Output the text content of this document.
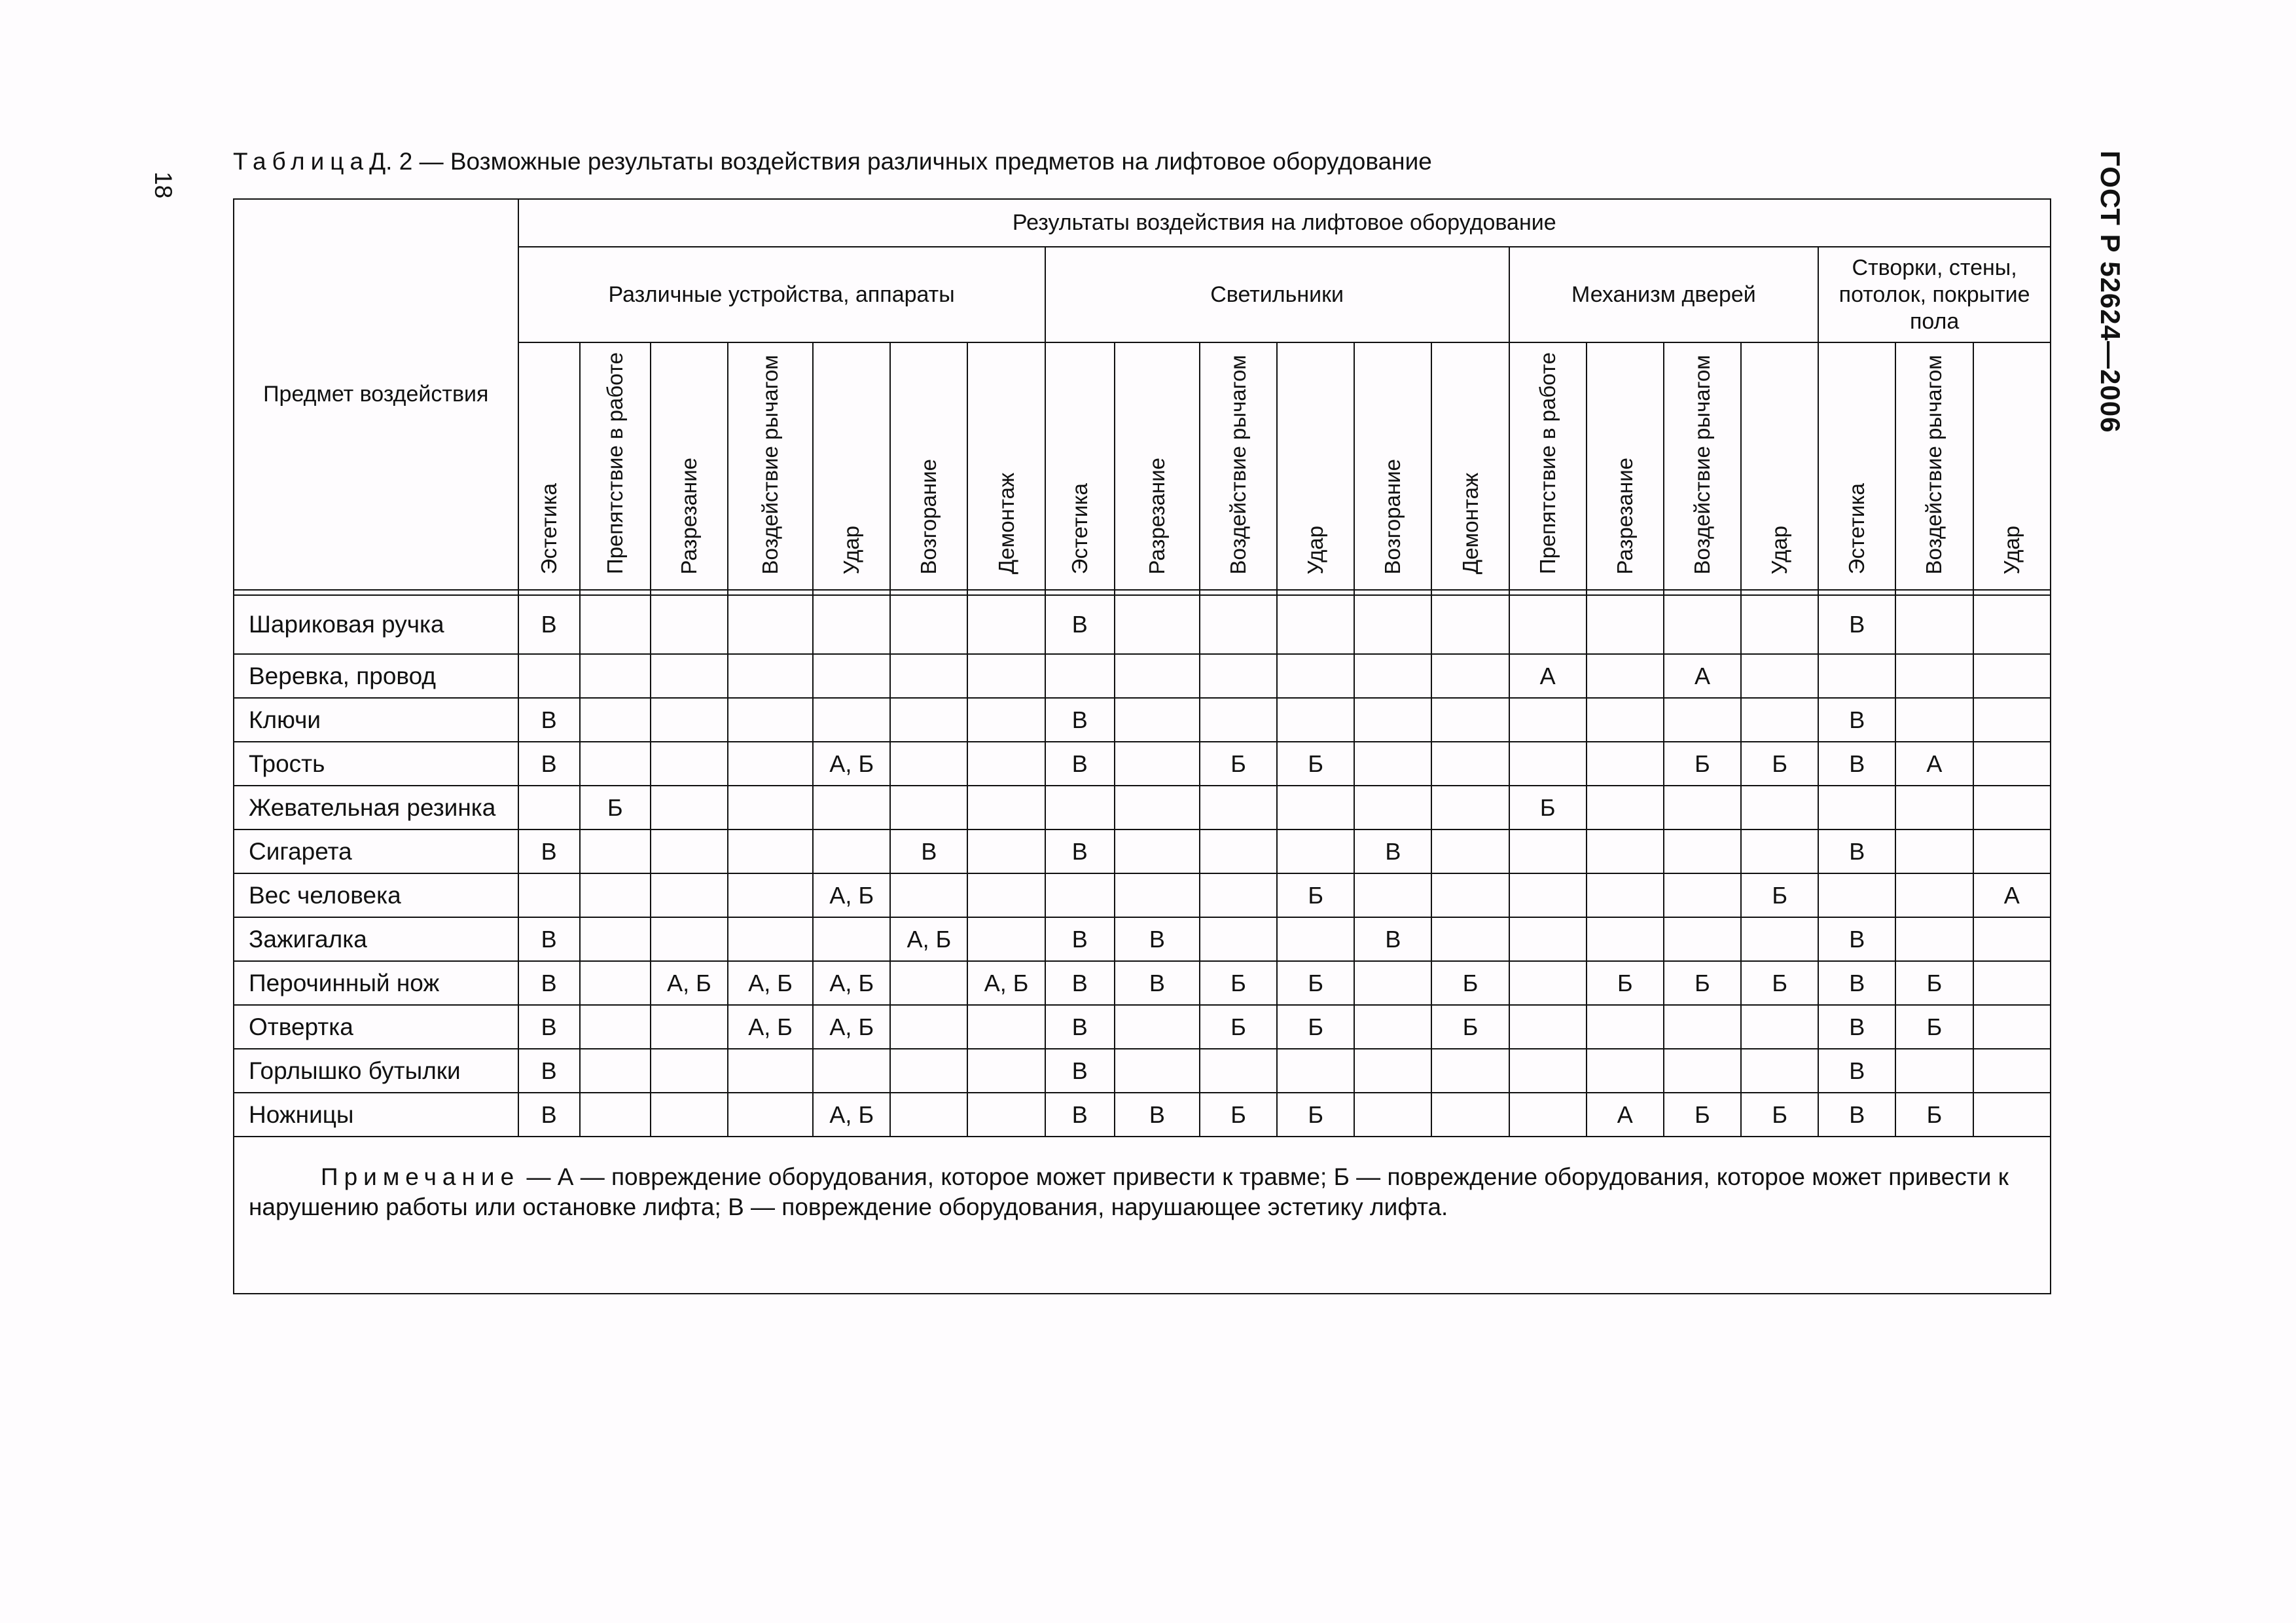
18	ГОСТ Р 52624—2006
ТаблицаД. 2 — Возможные результаты воздействия различных предметов на лифтовое оборудование
Предмет воздействия	Результаты воздействия на лифтовое оборудование																			
	Различные устройства, аппараты							Светильники						Механизм дверей				Створки, стены, потолок, покрытие пола		
	Эстетика	Препятствие в работе	Разрезание	Воздействие рычагом	Удар	Возгорание	Демонтаж	Эстетика	Разрезание	Воздействие рычагом	Удар	Возгорание	Демонтаж	Препятствие в работе	Разрезание	Воздействие рычагом	Удар	Эстетика	Воздействие рычагом	Удар

Шариковая ручка	В							В										В		
Веревка, провод														А		А				
Ключи	В							В										В		
Трость	В				А, Б			В		Б	Б					Б	Б	В	А	
Жевательная резинка		Б												Б						
Сигарета	В					В		В				В						В		
Вес человека					А, Б						Б						Б			А
Зажигалка	В					А, Б		В	В			В						В		
Перочинный нож	В		А, Б	А, Б	А, Б		А, Б	В	В	Б	Б		Б		Б	Б	Б	В	Б	
Отвертка	В			А, Б	А, Б			В		Б	Б		Б					В	Б	
Горлышко бутылки	В							В										В		
Ножницы	В				А, Б			В	В	Б	Б				А	Б	Б	В	Б	
Примечание — А — повреждение оборудования, которое может привести к травме; Б — повреждение оборудования, которое может привести к нарушению работы или остановке лифта; В — повреждение оборудования, нарушающее эстетику лифта.																				
